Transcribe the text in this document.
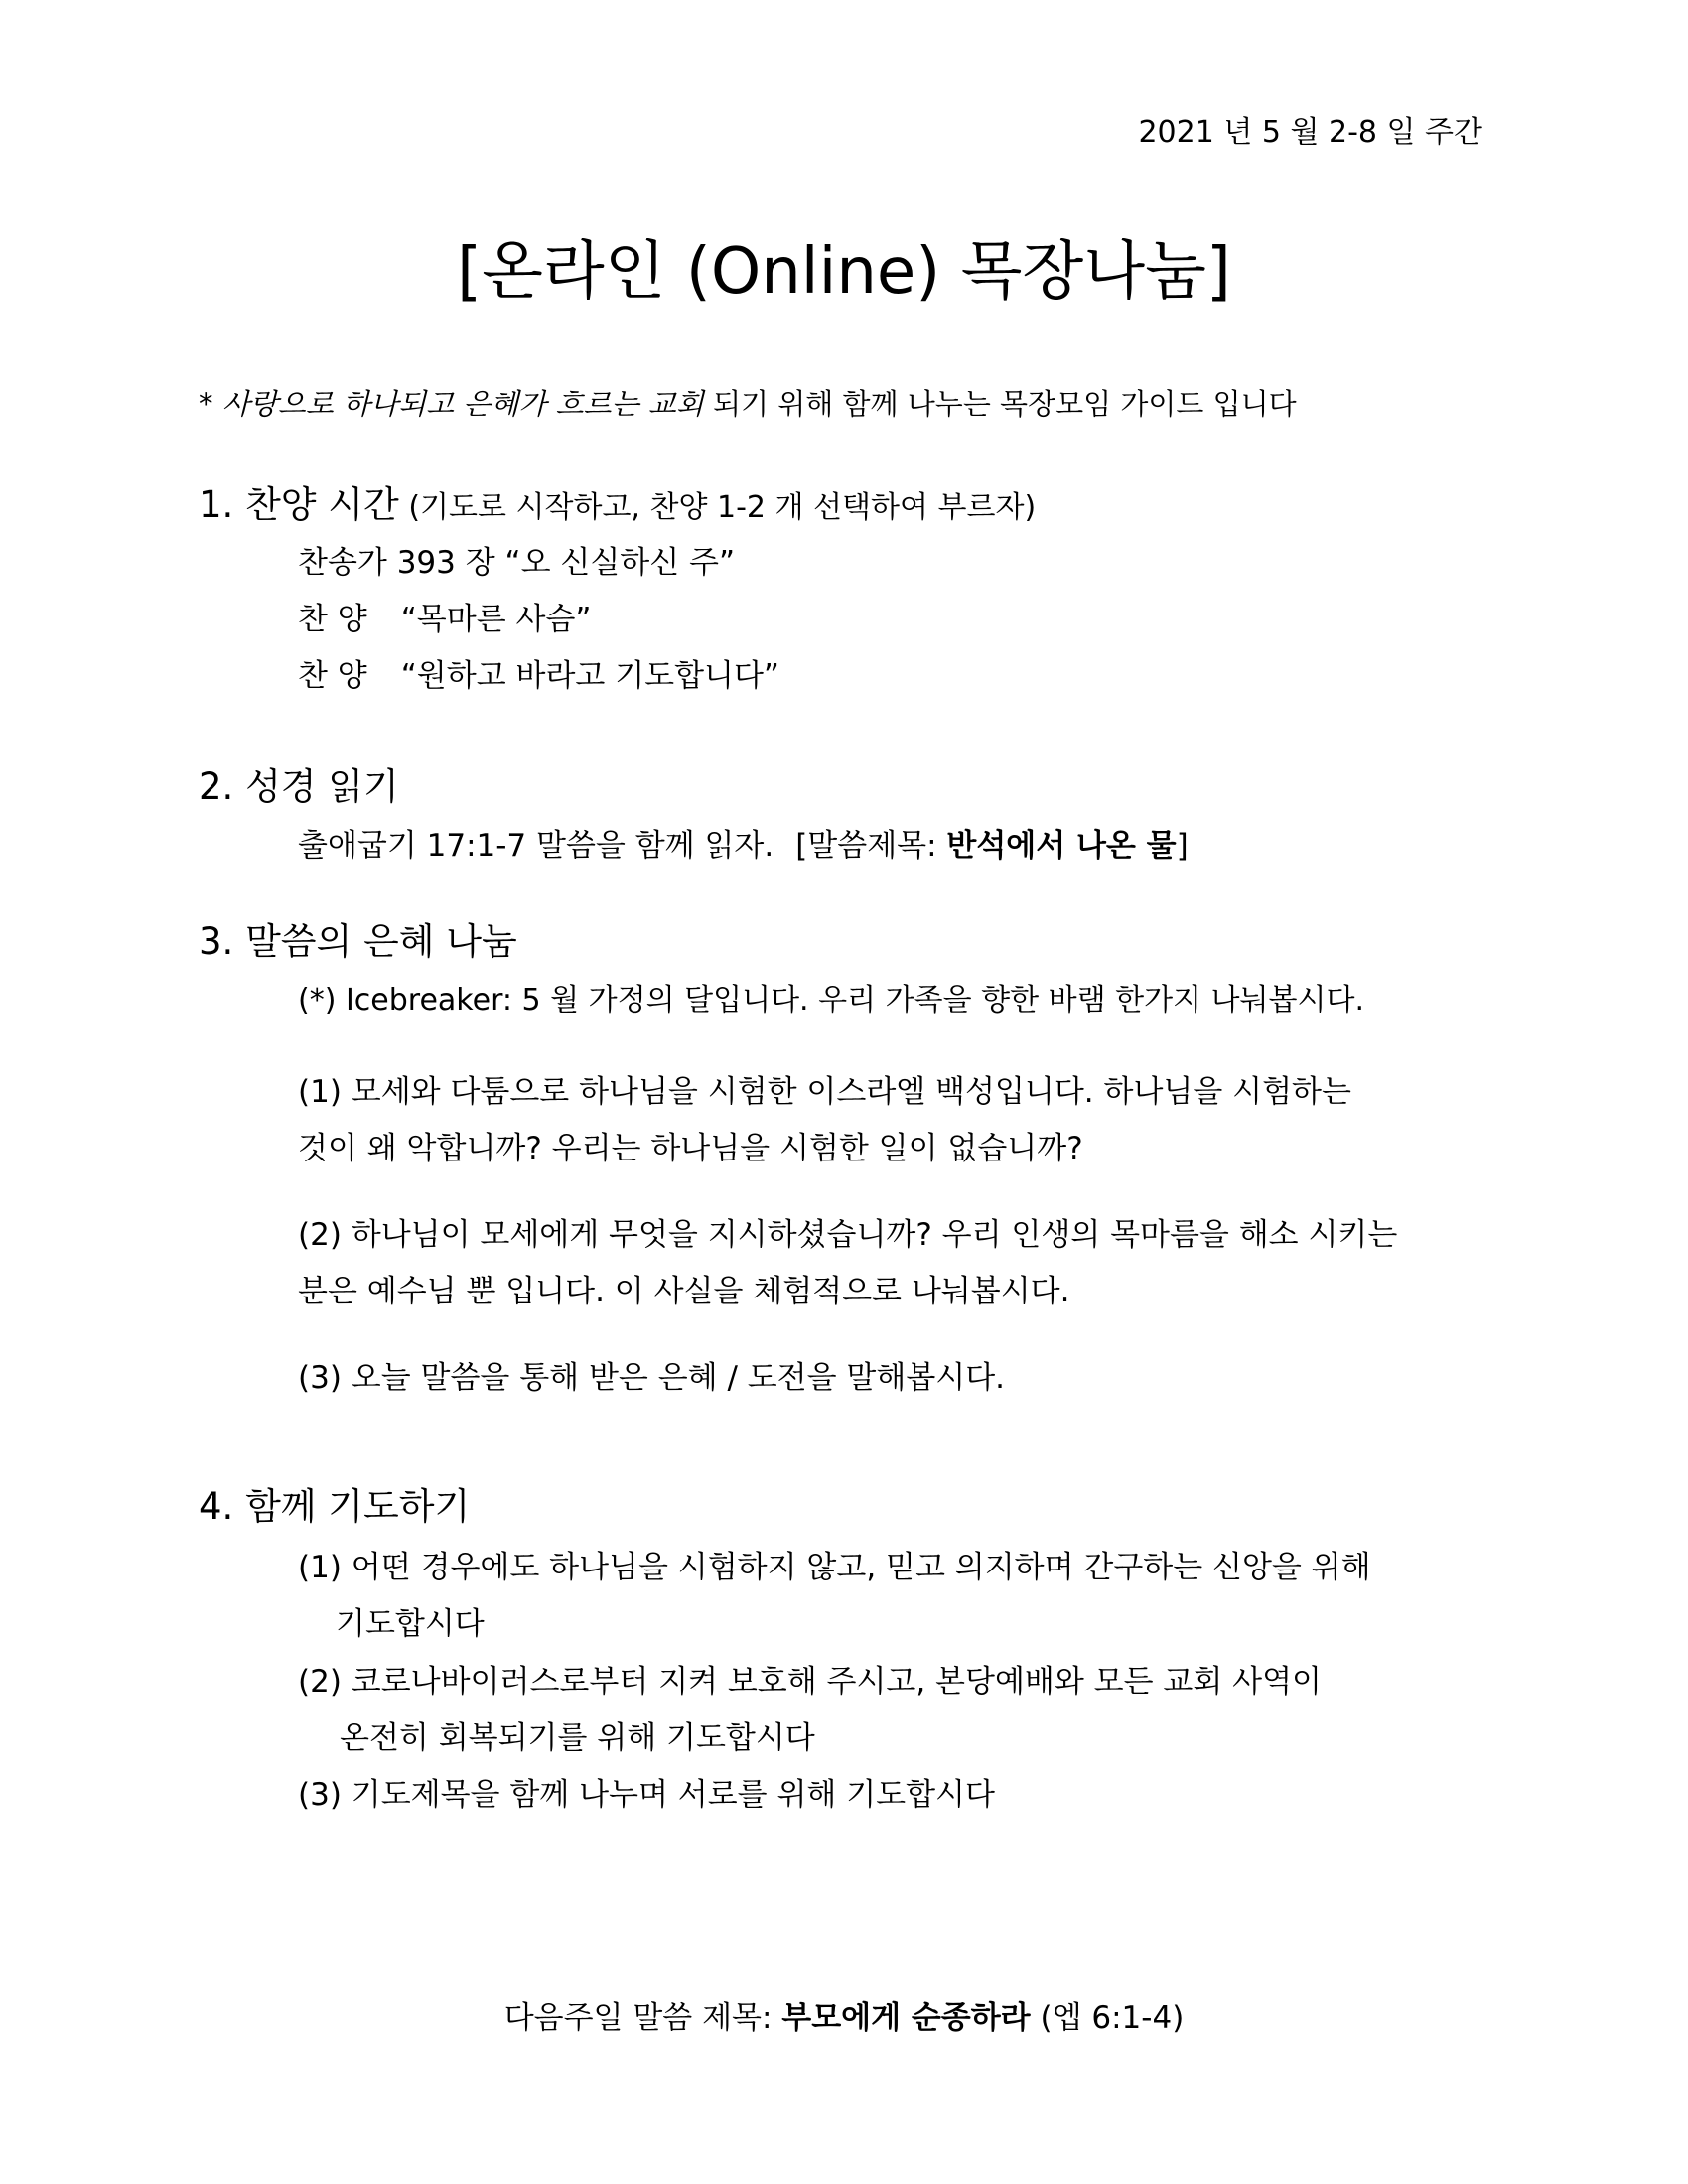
2021 년 5 월 2-8 일 주간
[온라인 (Online) 목장나눔]
* 사랑으로 하나되고 은혜가 흐르는 교회 되기 위해 함께 나누는 목장모임 가이드 입니다
1. 찬양 시간 (기도로 시작하고, 찬양 1-2 개 선택하여 부르자)
찬송가 393 장 “오 신실하신 주”
찬 양 “목마른 사슴”
찬 양 “원하고 바라고 기도합니다”
2. 성경 읽기
출애굽기 17:1-7 말씀을 함께 읽자. [말씀제목: 반석에서 나온 물]
3. 말씀의 은혜 나눔
(*) Icebreaker: 5 월 가정의 달입니다. 우리 가족을 향한 바램 한가지 나눠봅시다.
(1) 모세와 다툼으로 하나님을 시험한 이스라엘 백성입니다. 하나님을 시험하는
것이 왜 악합니까? 우리는 하나님을 시험한 일이 없습니까?
(2) 하나님이 모세에게 무엇을 지시하셨습니까? 우리 인생의 목마름을 해소 시키는
분은 예수님 뿐 입니다. 이 사실을 체험적으로 나눠봅시다.
(3) 오늘 말씀을 통해 받은 은혜 / 도전을 말해봅시다.
4. 함께 기도하기
(1) 어떤 경우에도 하나님을 시험하지 않고, 믿고 의지하며 간구하는 신앙을 위해
기도합시다
(2) 코로나바이러스로부터 지켜 보호해 주시고, 본당예배와 모든 교회 사역이
온전히 회복되기를 위해 기도합시다
(3) 기도제목을 함께 나누며 서로를 위해 기도합시다
다음주일 말씀 제목: 부모에게 순종하라 (엡 6:1-4)
